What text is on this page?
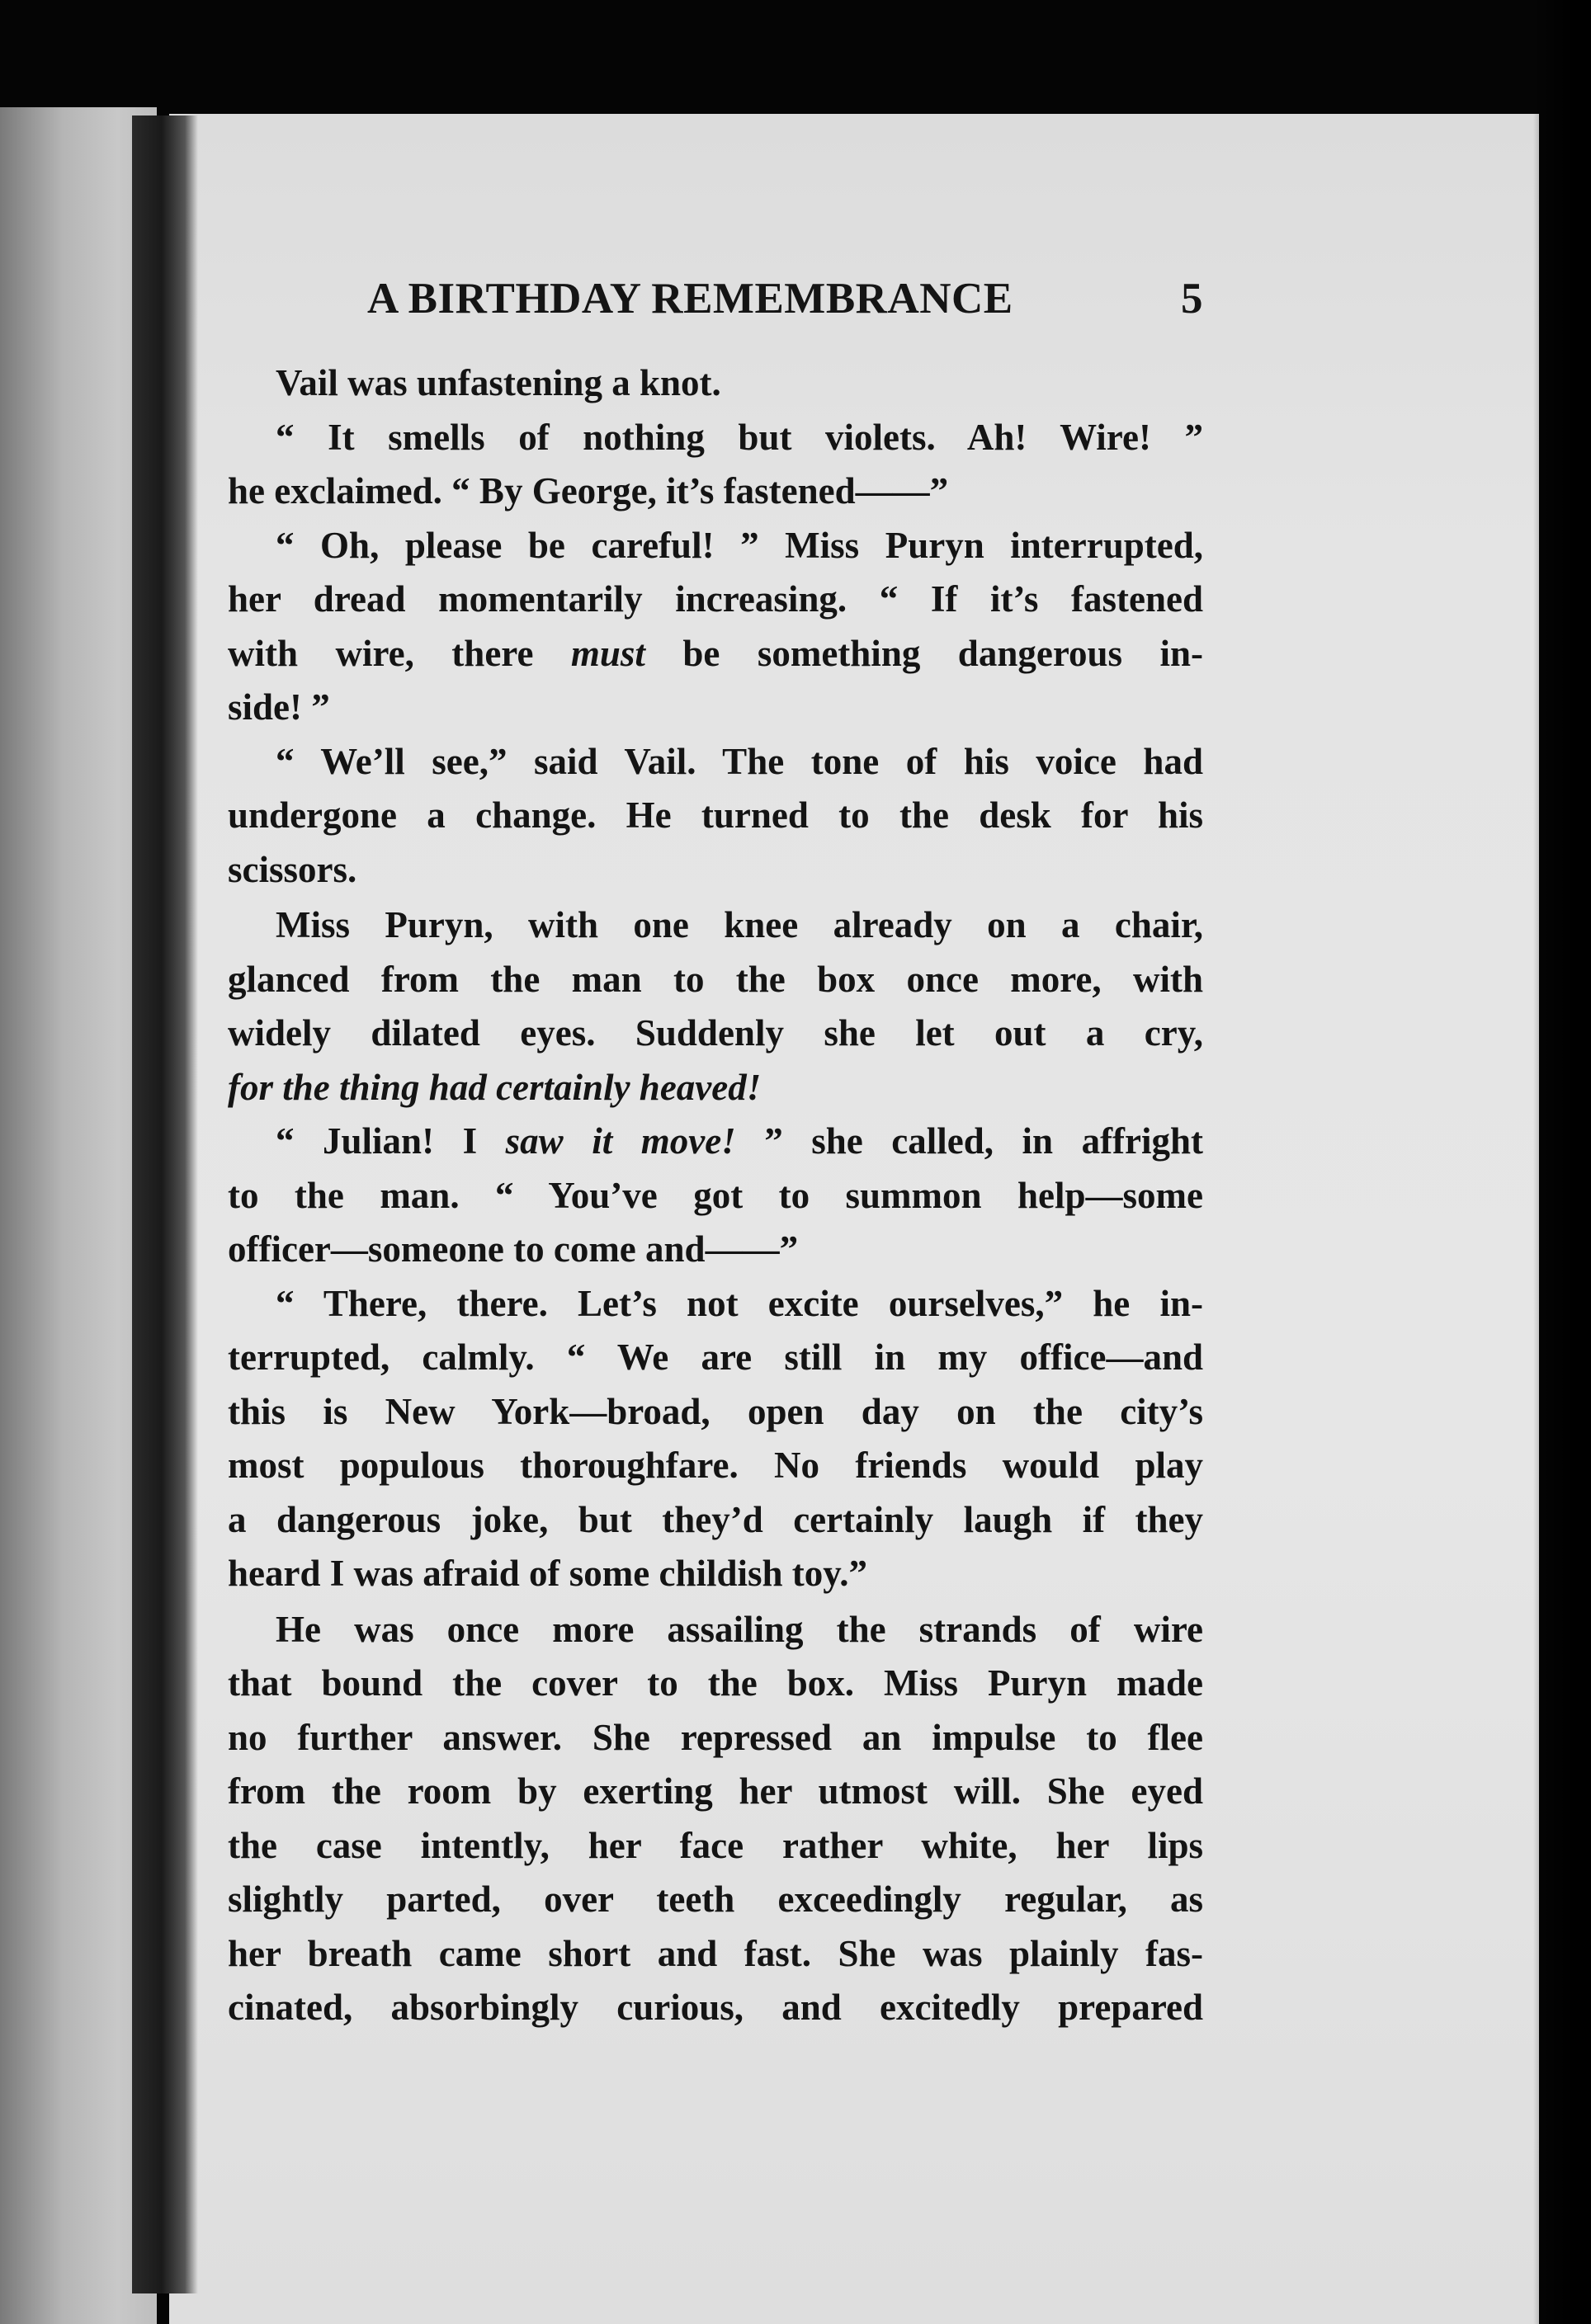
A BIRTHDAY REMEMBRANCE	5
Vail was unfastening a knot.
“ It smells of nothing but violets. Ah! Wire! ”
he exclaimed. “ By George, it’s fastened——”
“ Oh, please be careful! ” Miss Puryn interrupted,
her dread momentarily increasing. “ If it’s fastened
with wire, there must be something dangerous in-
side! ”
“ We’ll see,” said Vail. The tone of his voice had
undergone a change. He turned to the desk for his
scissors.
Miss Puryn, with one knee already on a chair,
glanced from the man to the box once more, with
widely dilated eyes. Suddenly she let out a cry,
for the thing had certainly heaved!
“ Julian! I saw it move! ” she called, in affright
to the man. “ You’ve got to summon help—some
officer—someone to come and——”
“ There, there. Let’s not excite ourselves,” he in-
terrupted, calmly. “ We are still in my office—and
this is New York—broad, open day on the city’s
most populous thoroughfare. No friends would play
a dangerous joke, but they’d certainly laugh if they
heard I was afraid of some childish toy.”
He was once more assailing the strands of wire
that bound the cover to the box. Miss Puryn made
no further answer. She repressed an impulse to flee
from the room by exerting her utmost will. She eyed
the case intently, her face rather white, her lips
slightly parted, over teeth exceedingly regular, as
her breath came short and fast. She was plainly fas-
cinated, absorbingly curious, and excitedly prepared
